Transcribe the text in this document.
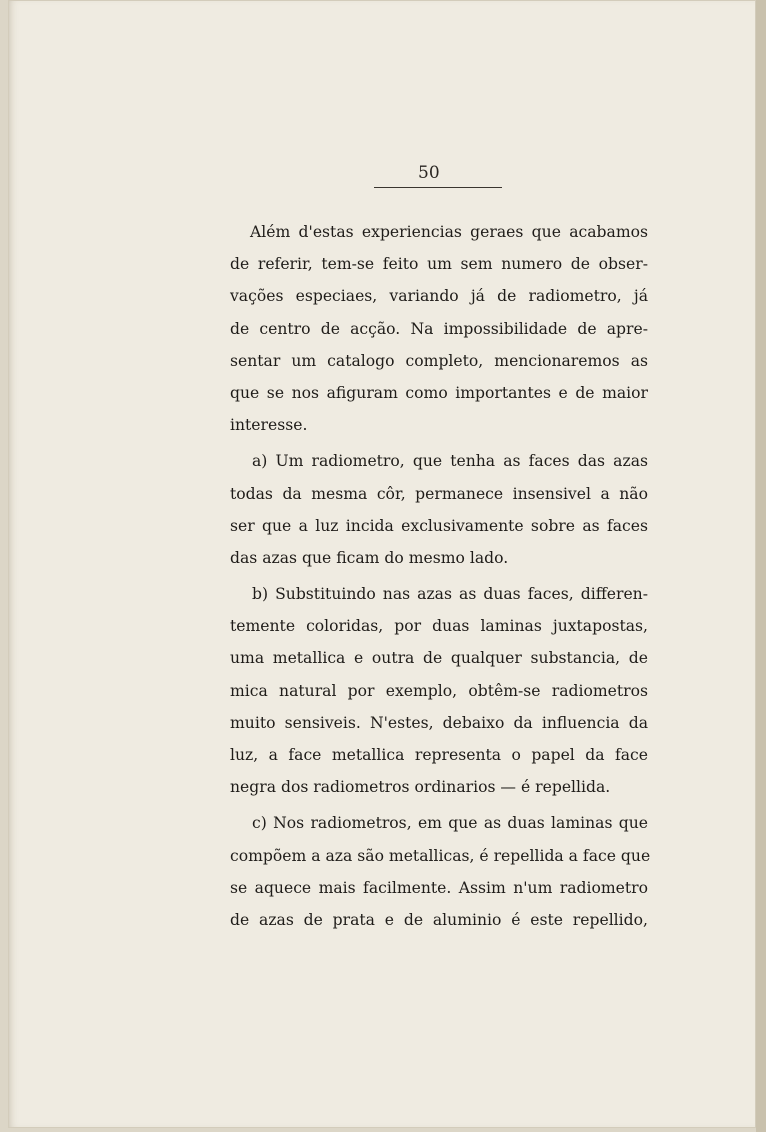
50
Além d'estas experiencias geraes que acabamos
de referir, tem-se feito um sem numero de obser-
vações especiaes, variando já de radiometro, já
de centro de acção. Na impossibilidade de apre-
sentar um catalogo completo, mencionaremos as
que se nos afiguram como importantes e de maior
interesse.
a) Um radiometro, que tenha as faces das azas
todas da mesma côr, permanece insensivel a não
ser que a luz incida exclusivamente sobre as faces
das azas que ficam do mesmo lado.
b) Substituindo nas azas as duas faces, differen-
temente coloridas, por duas laminas juxtapostas,
uma metallica e outra de qualquer substancia, de
mica natural por exemplo, obtêm-se radiometros
muito sensiveis. N'estes, debaixo da influencia da
luz, a face metallica representa o papel da face
negra dos radiometros ordinarios — é repellida.
c) Nos radiometros, em que as duas laminas que
compõem a aza são metallicas, é repellida a face que
se aquece mais facilmente. Assim n'um radiometro
de azas de prata e de aluminio é este repellido,
